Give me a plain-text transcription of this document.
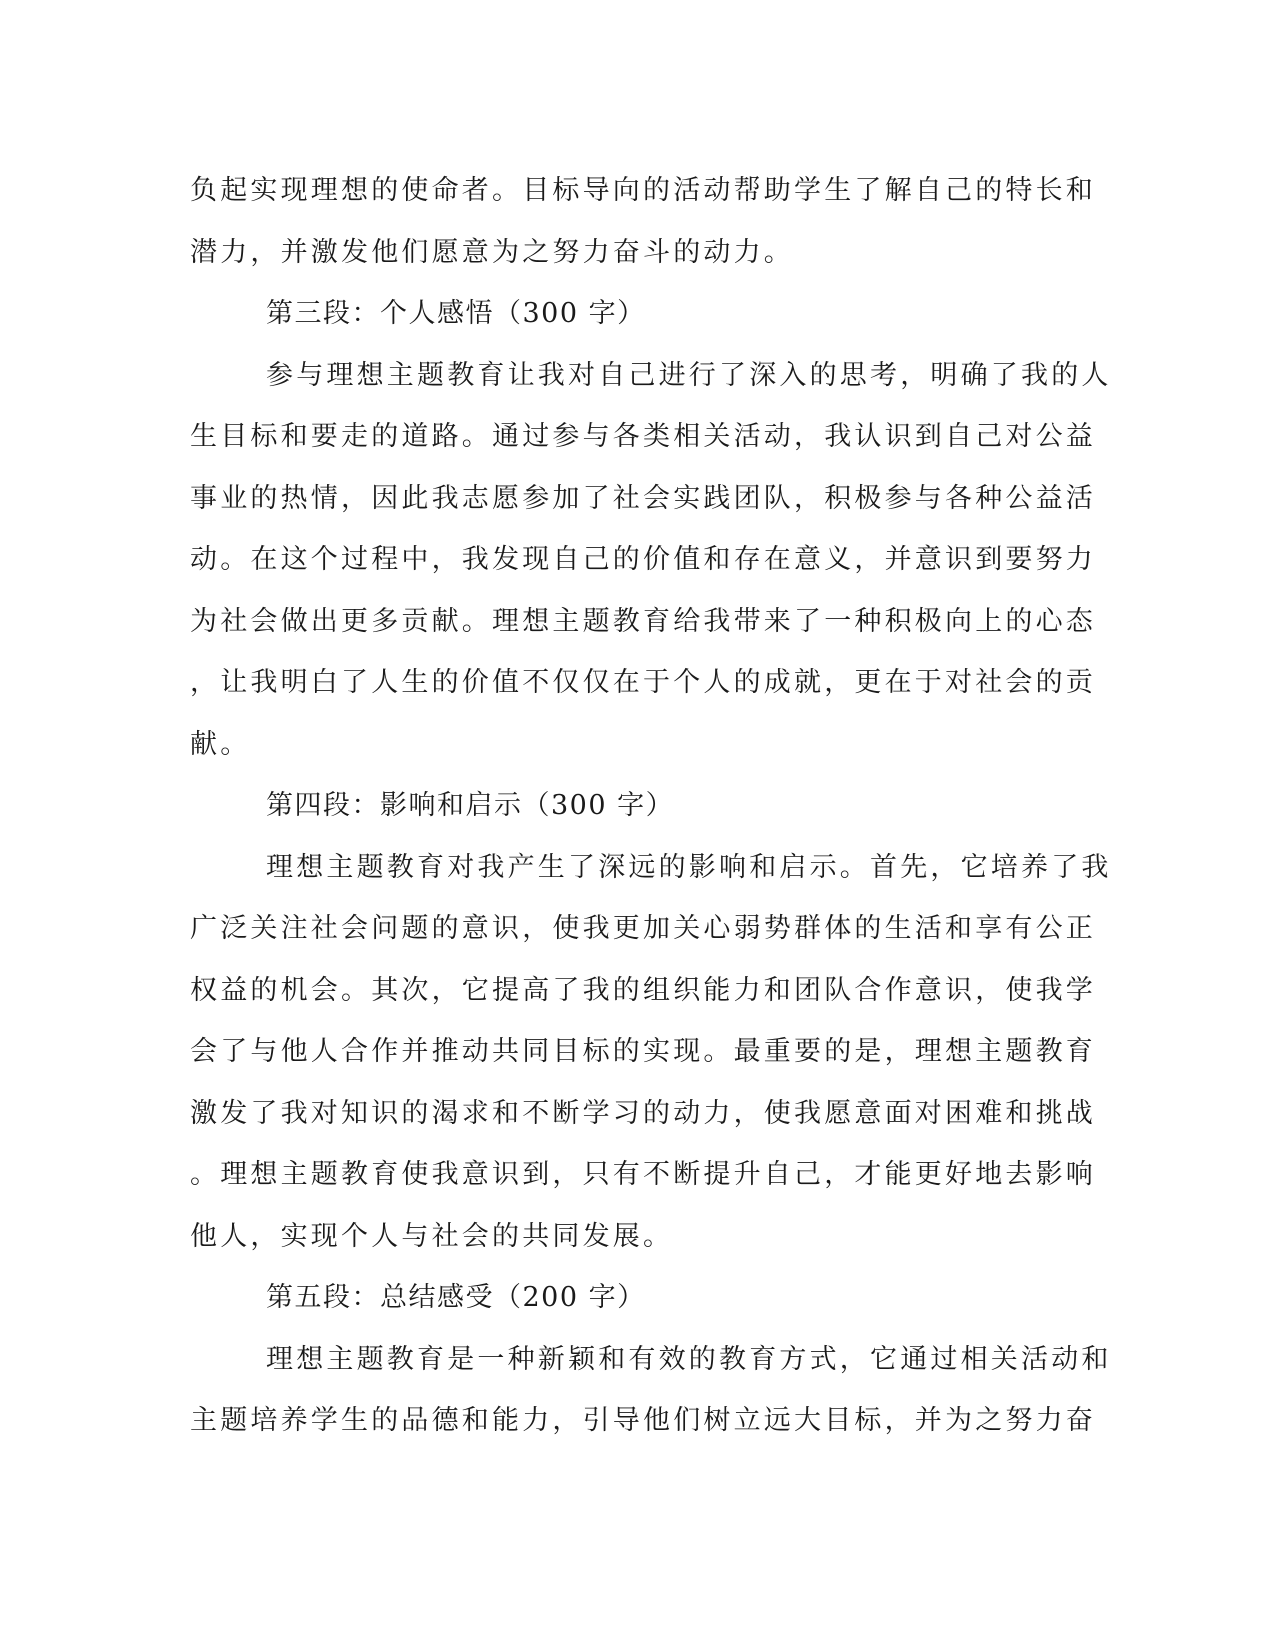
负起实现理想的使命者。目标导向的活动帮助学生了解自己的特长和
潜力，并激发他们愿意为之努力奋斗的动力。
第三段：个人感悟（300 字）
参与理想主题教育让我对自己进行了深入的思考，明确了我的人
生目标和要走的道路。通过参与各类相关活动，我认识到自己对公益
事业的热情，因此我志愿参加了社会实践团队，积极参与各种公益活
动。在这个过程中，我发现自己的价值和存在意义，并意识到要努力
为社会做出更多贡献。理想主题教育给我带来了一种积极向上的心态
，让我明白了人生的价值不仅仅在于个人的成就，更在于对社会的贡
献。
第四段：影响和启示（300 字）
理想主题教育对我产生了深远的影响和启示。首先，它培养了我
广泛关注社会问题的意识，使我更加关心弱势群体的生活和享有公正
权益的机会。其次，它提高了我的组织能力和团队合作意识，使我学
会了与他人合作并推动共同目标的实现。最重要的是，理想主题教育
激发了我对知识的渴求和不断学习的动力，使我愿意面对困难和挑战
。理想主题教育使我意识到，只有不断提升自己，才能更好地去影响
他人，实现个人与社会的共同发展。
第五段：总结感受（200 字）
理想主题教育是一种新颖和有效的教育方式，它通过相关活动和
主题培养学生的品德和能力，引导他们树立远大目标，并为之努力奋
